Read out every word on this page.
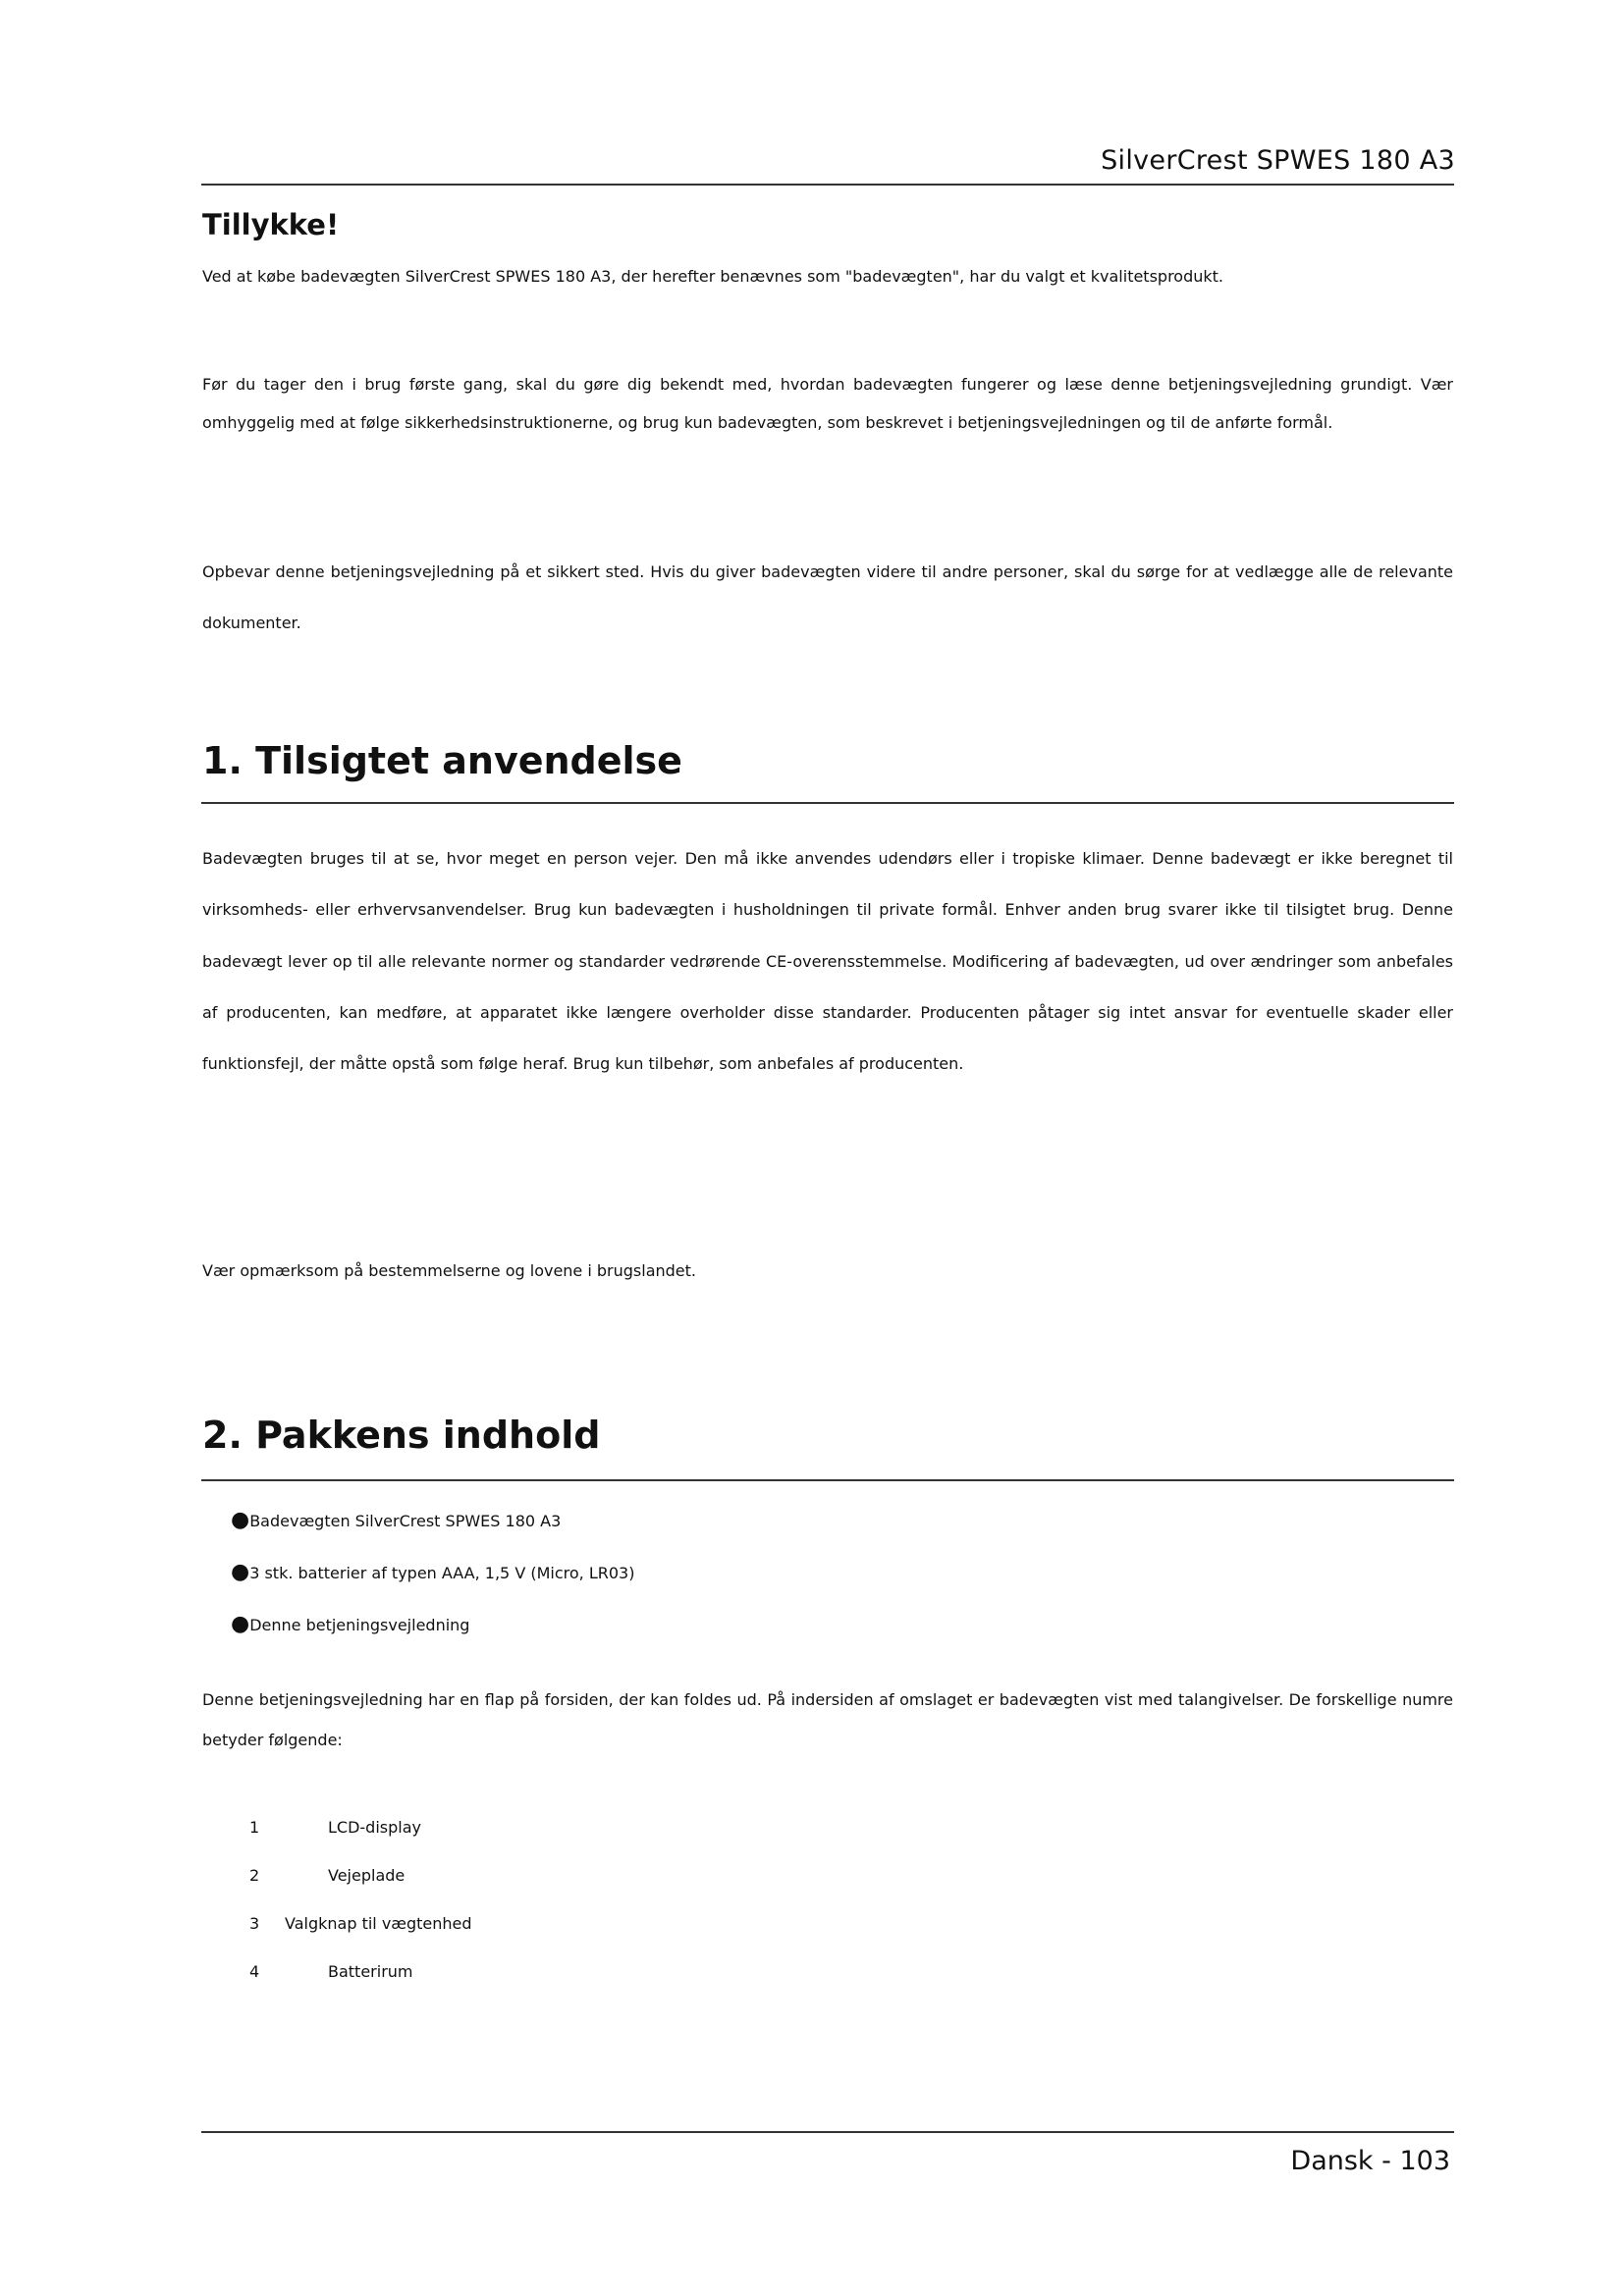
SilverCrest SPWES 180 A3
Tillykke!

Ved at købe badevægten SilverCrest SPWES 180 A3, der herefter benævnes som "badevægten", har du valgt et kvalitetsprodukt.

Før du tager den i brug første gang, skal du gøre dig bekendt med, hvordan badevægten fungerer og læse denne betjeningsvejledning grundigt. Vær omhyggelig med at følge sikkerhedsinstruktionerne, og brug kun badevægten, som beskrevet i betjeningsvejledningen og til de anførte formål.

Opbevar denne betjeningsvejledning på et sikkert sted. Hvis du giver badevægten videre til andre personer, skal du sørge for at vedlægge alle de relevante dokumenter.

1. Tilsigtet anvendelse

Badevægten bruges til at se, hvor meget en person vejer. Den må ikke anvendes udendørs eller i tropiske klimaer. Denne badevægt er ikke beregnet til virksomheds- eller erhvervsanvendelser. Brug kun badevægten i husholdningen til private formål. Enhver anden brug svarer ikke til tilsigtet brug. Denne badevægt lever op til alle relevante normer og standarder vedrørende CE-overensstemmelse. Modificering af badevægten, ud over ændringer som anbefales af producenten, kan medføre, at apparatet ikke længere overholder disse standarder. Producenten påtager sig intet ansvar for eventuelle skader eller funktionsfejl, der måtte opstå som følge heraf. Brug kun tilbehør, som anbefales af producenten.

Vær opmærksom på bestemmelserne og lovene i brugslandet.

2. Pakkens indhold
●Badevægten SilverCrest SPWES 180 A3
●3 stk. batterier af typen AAA, 1,5 V (Micro, LR03)
●Denne betjeningsvejledning

Denne betjeningsvejledning har en flap på forsiden, der kan foldes ud. På indersiden af omslaget er badevægten vist med talangivelser. De forskellige numre betyder følgende:

1	LCD-display
2	Vejeplade
3 Valgknap til vægtenhed
4	Batterirum
Dansk - 103
